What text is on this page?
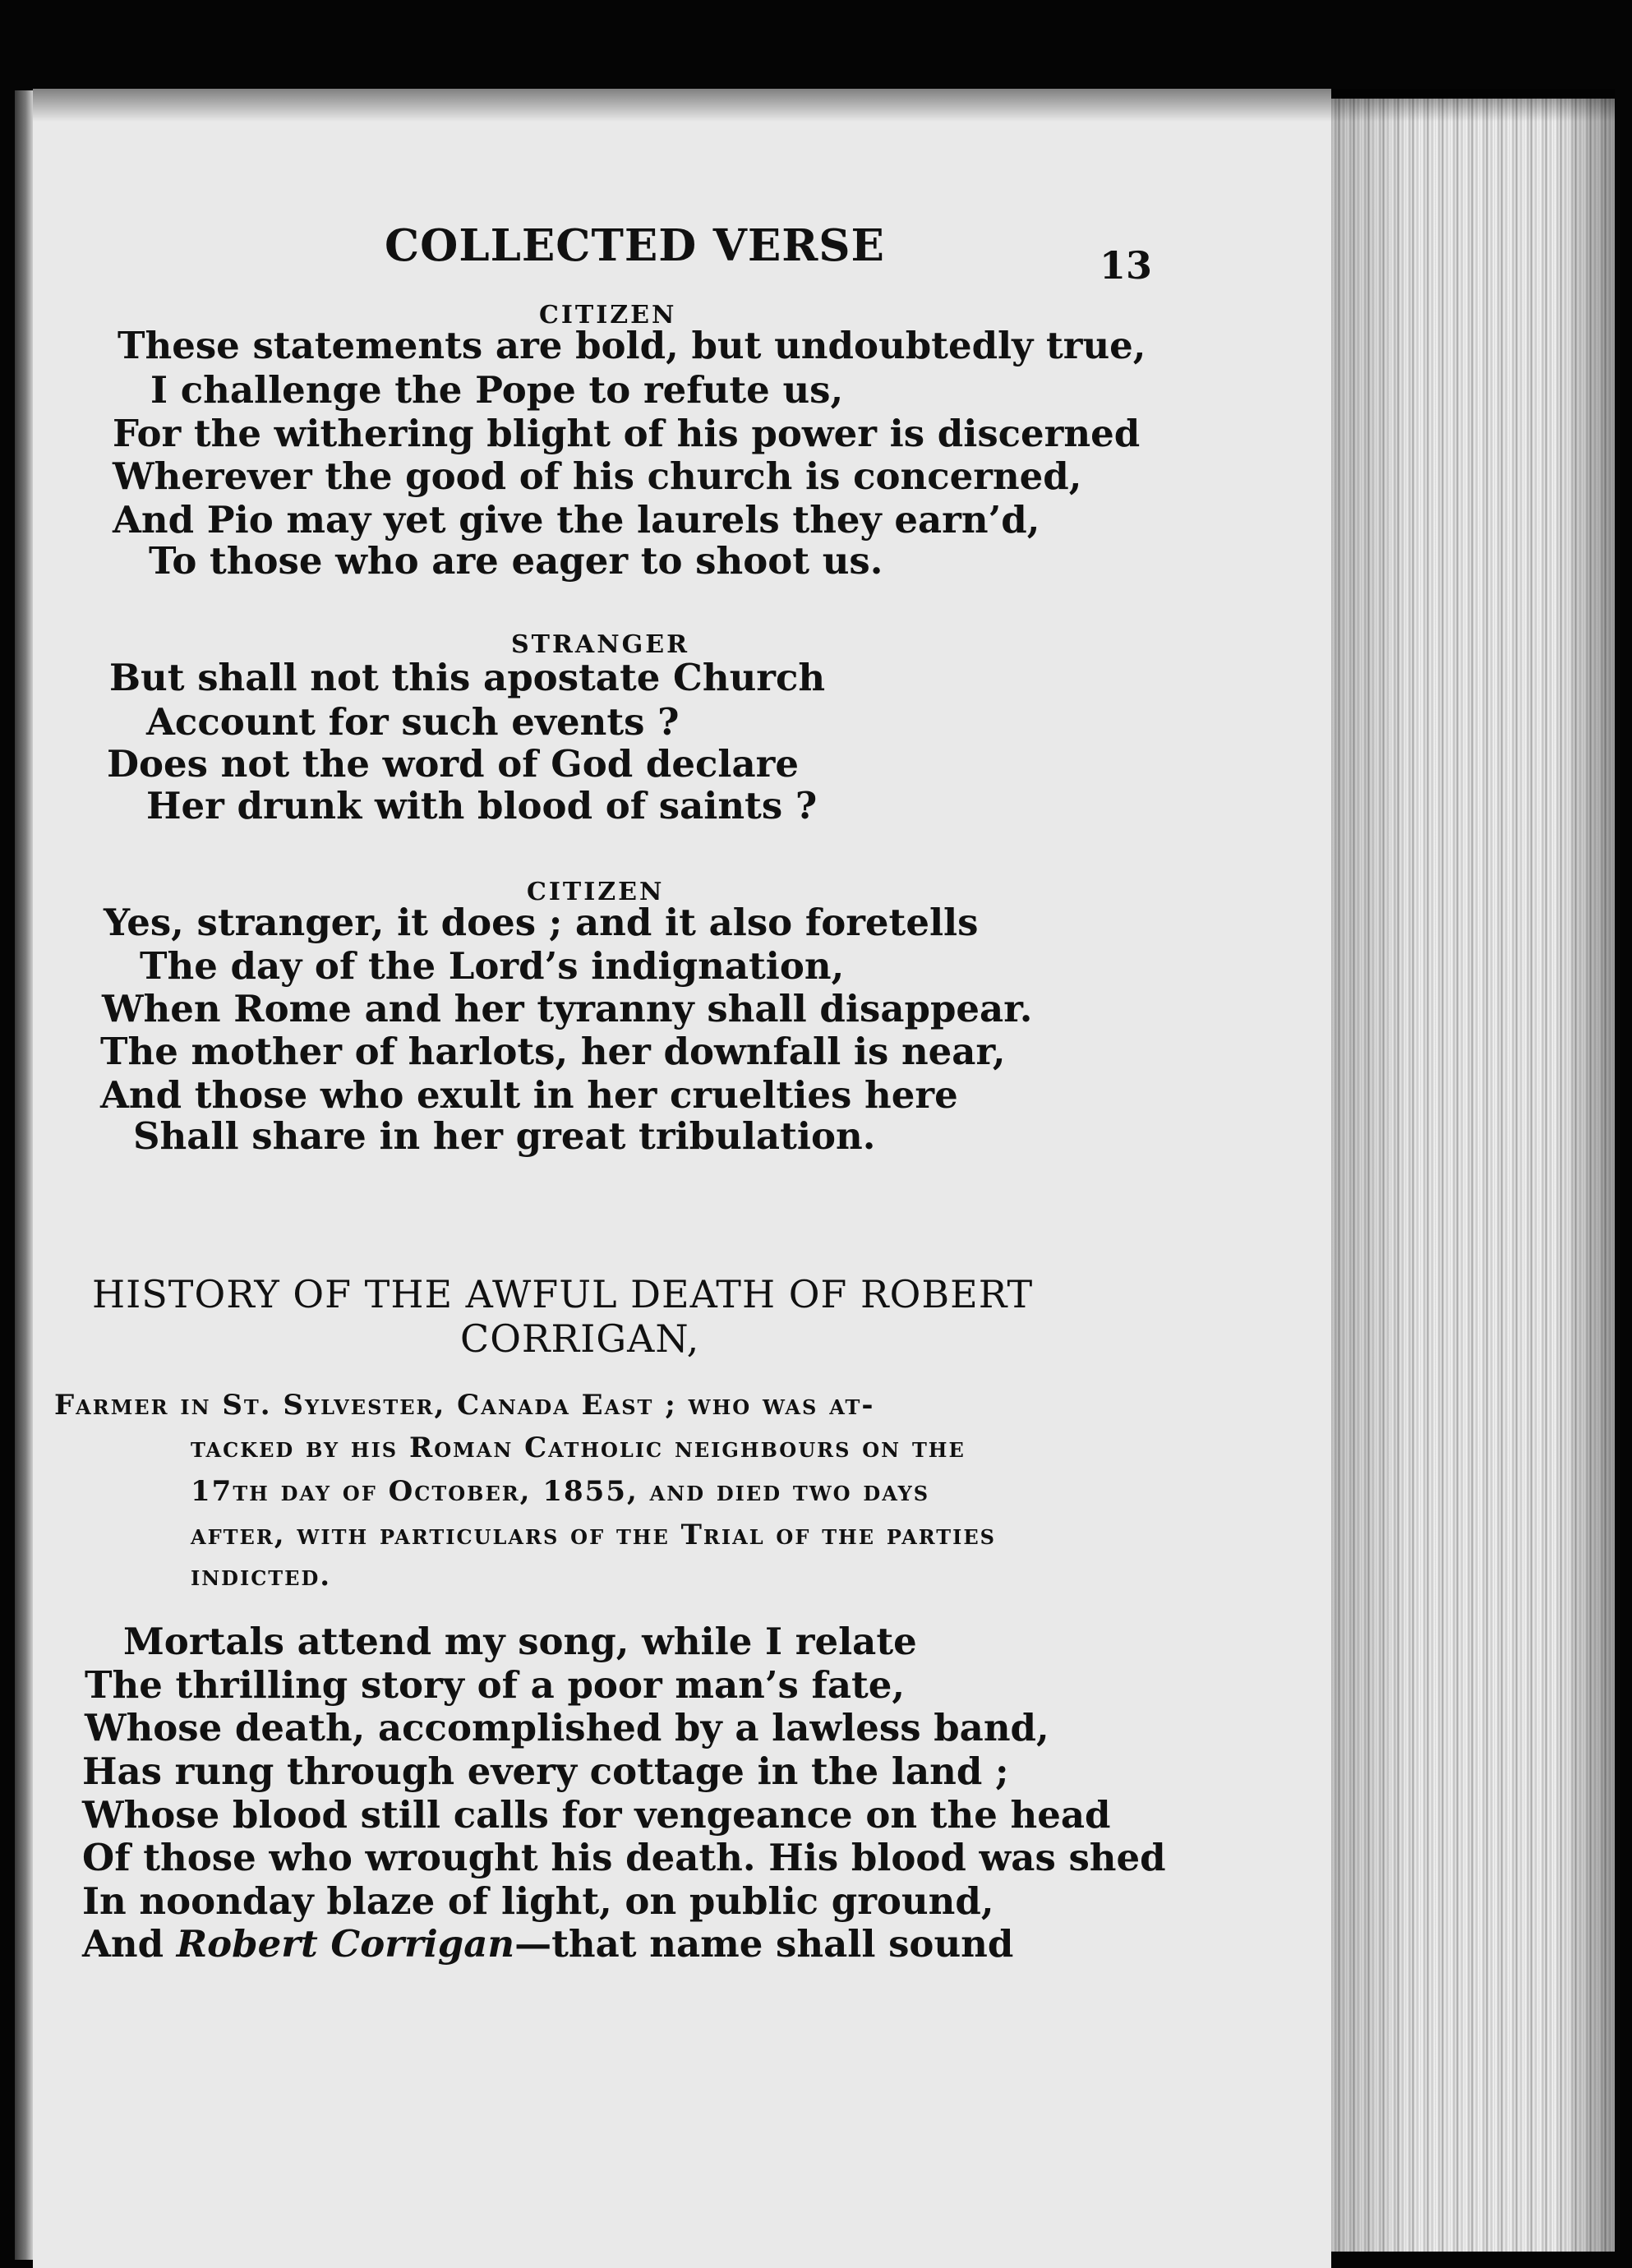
COLLECTED VERSE	13
CITIZEN
These statements are bold, but undoubtedly true,
I challenge the Pope to refute us,
For the withering blight of his power is discerned
Wherever the good of his church is concerned,
And Pio may yet give the laurels they earn’d,
To those who are eager to shoot us.
STRANGER
But shall not this apostate Church
Account for such events ?
Does not the word of God declare
Her drunk with blood of saints ?
CITIZEN
Yes, stranger, it does ; and it also foretells
The day of the Lord’s indignation,
When Rome and her tyranny shall disappear.
The mother of harlots, her downfall is near,
And those who exult in her cruelties here
Shall share in her great tribulation.
HISTORY OF THE AWFUL DEATH OF ROBERT
CORRIGAN,
Farmer in St. Sylvester, Canada East ; who was at-
tacked by his Roman Catholic neighbours on the
17th day of October, 1855, and died two days
after, with particulars of the Trial of the parties
indicted.
Mortals attend my song, while I relate
The thrilling story of a poor man’s fate,
Whose death, accomplished by a lawless band,
Has rung through every cottage in the land ;
Whose blood still calls for vengeance on the head
Of those who wrought his death. His blood was shed
In noonday blaze of light, on public ground,
And Robert Corrigan—that name shall sound
